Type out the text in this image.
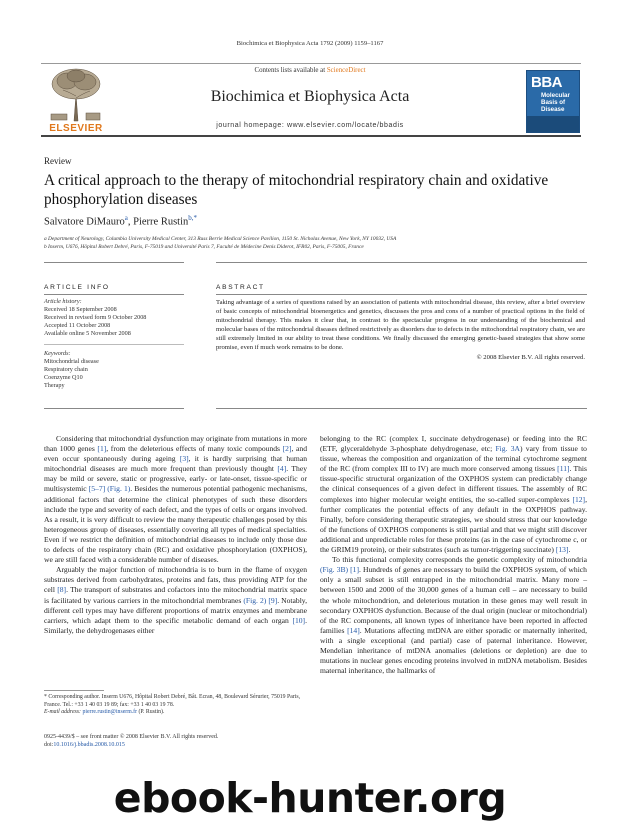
Biochimica et Biophysica Acta 1792 (2009) 1159–1167
ELSEVIER
Contents lists available at ScienceDirect
Biochimica et Biophysica Acta
journal homepage: www.elsevier.com/locate/bbadis
BBA
Molecular Basis of Disease
Review
A critical approach to the therapy of mitochondrial respiratory chain and oxidative phosphorylation diseases
Salvatore DiMauro$^a$, Pierre Rustin$^{b,*}$
a Department of Neurology, Columbia University Medical Center, 313 Russ Berrie Medical Science Pavilion, 1150 St. Nicholas Avenue, New York, NY 10032, USA
b Inserm, U676, Hôpital Robert Debré, Paris, F-75019 and Université Paris 7, Faculté de Médecine Denis Diderot, IFR02, Paris, F-75005, France
ARTICLE INFO	ABSTRACT
Article history:
Received 18 September 2008
Received in revised form 9 October 2008
Accepted 11 October 2008
Available online 5 November 2008
Keywords:
Mitochondrial disease
Respiratory chain
Coenzyme Q10
Therapy
Taking advantage of a series of questions raised by an association of patients with mitochondrial disease, this review, after a brief overview of basic concepts of mitochondrial bioenergetics and genetics, discusses the pros and cons of a number of practical options in the field of mitochondrial therapy. This makes it clear that, in contrast to the spectacular progress in our understanding of the biochemical and molecular bases of the mitochondrial diseases defined restrictively as disorders due to defects in the mitochondrial respiratory chain, we are still extremely limited in our ability to treat these conditions. We finally discussed the emerging genetic-based strategies that show some promise, even if much work remains to be done.
© 2008 Elsevier B.V. All rights reserved.

Considering that mitochondrial dysfunction may originate from mutations in more than 1000 genes [1], from the deleterious effects of many toxic compounds [2], and even occur spontaneously during ageing [3], it is hardly surprising that human mitochondrial diseases are much more frequent than previously thought [4]. They may be mild or severe, static or progressive, early- or late-onset, tissue-specific or multisystemic [5–7] (Fig. 1). Besides the numerous potential pathogenic mechanisms, additional factors that determine the clinical phenotypes of such these disorders include the type and severity of each defect, and the types of cells or organs involved. As a result, it is very difficult to review the many therapeutic challenges posed by this heterogeneous group of diseases, essentially covering all types of medical specialties. Even if we restrict the definition of mitochondrial diseases to include only those due to defects of the respiratory chain (RC) and oxidative phosphorylation (OXPHOS), we are still faced with a considerable number of diseases.

Arguably the major function of mitochondria is to burn in the flame of oxygen substrates derived from carbohydrates, proteins and fats, thus providing ATP for the cell [8]. The transport of substrates and cofactors into the mitochondrial matrix space is facilitated by various carriers in the mitochondrial membranes (Fig. 2) [9]. Notably, different cell types may have different proportions of matrix enzymes and membrane carriers, which adapt them to the specific metabolic demand of each organ [10]. Similarly, the dehydrogenases either

belonging to the RC (complex I, succinate dehydrogenase) or feeding into the RC (ETF, glyceraldehyde 3-phosphate dehydrogenase, etc; Fig. 3A) vary from tissue to tissue, whereas the composition and organization of the terminal cytochrome segment of the RC (from complex III to IV) are much more conserved among tissues [11]. This tissue-specific structural organization of the OXPHOS system can predictably change the clinical consequences of a given defect in different tissues. The assembly of RC complexes into higher molecular weight entities, the so-called super-complexes [12], further complicates the potential effects of any default in the OXPHOS pathway. Finally, before considering therapeutic strategies, we should stress that our knowledge of the functions of OXPHOS components is still partial and that we might still discover additional and unpredictable roles for these proteins (as in the case of cytochrome c, or the GRIM19 protein), or their substrates (such as tumor-triggering succinate) [13].

To this functional complexity corresponds the genetic complexity of mitochondria (Fig. 3B) [1]. Hundreds of genes are necessary to build the OXPHOS system, of which only a small subset is still entrapped in the mitochondrial matrix. Many more – between 1500 and 2000 of the 30,000 genes of a human cell – are necessary to build the whole mitochondrion, and deleterious mutation in these genes may well result in secondary OXPHOS dysfunction. Because of the dual origin (nuclear or mitochondrial) of the RC components, all known types of inheritance have been reported in affected families [14]. Mutations affecting mtDNA are either sporadic or maternally inherited, with a single exceptional (and partial) case of paternal inheritance. However, Mendelian inheritance of mtDNA anomalies (deletions or depletion) are due to mutations in nuclear genes encoding proteins involved in mtDNA metabolism. Besides maternal inheritance, the hallmarks of

* Corresponding author. Inserm U676, Hôpital Robert Debré, Bât. Ecran, 48, Boulevard Sérurier, 75019 Paris, France. Tel.: +33 1 40 03 19 89; fax: +33 1 40 03 19 78.
E-mail address: pierre.rustin@inserm.fr (P. Rustin).
0925-4439/$ – see front matter © 2008 Elsevier B.V. All rights reserved.
doi:10.1016/j.bbadis.2008.10.015
ebook-hunter.org
